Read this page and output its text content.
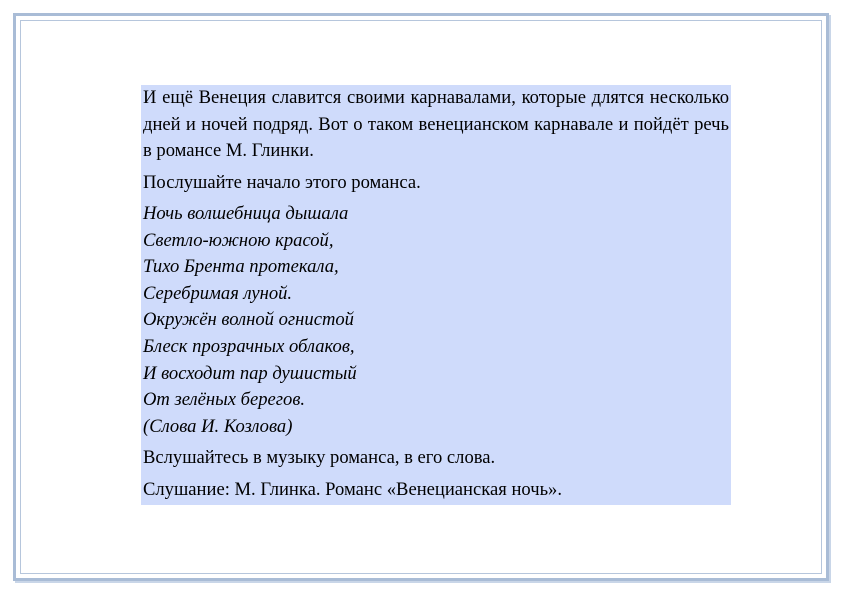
И ещё Венеция славится своими карнавалами, которые длятся несколько дней и ночей подряд. Вот о таком венецианском карнавале и пойдёт речь в романсе М. Глинки.

Послушайте начало этого романса.

Ночь волшебница дышала
Светло-южною красой,
Тихо Брента протекала,
Серебримая луной.
Окружён волной огнистой
Блеск прозрачных облаков,
И восходит пар душистый
От зелёных берегов.
(Слова И. Козлова)

Вслушайтесь в музыку романса, в его слова.

Слушание: М. Глинка. Романс «Венецианская ночь».
